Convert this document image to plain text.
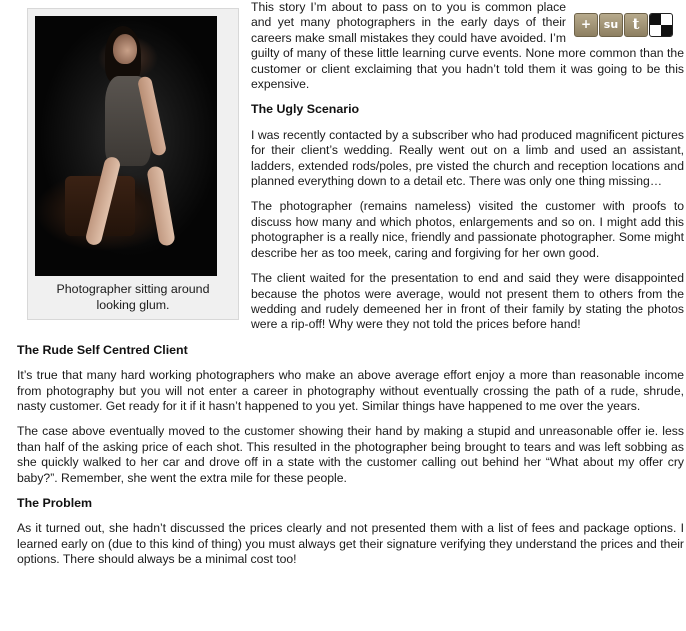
Photographer sitting around looking glum.
+ su t

This story I’m about to pass on to you is common place and yet many photographers in the early days of their careers make small mistakes they could have avoided. I’m guilty of many of these little learning curve events. None more common than the customer or client exclaiming that you hadn’t told them it was going to be this expensive.

The Ugly Scenario

I was recently contacted by a subscriber who had produced magnificent pictures for their client’s wedding. Really went out on a limb and used an assistant, ladders, extended rods/poles, pre visted the church and reception locations and planned everything down to a detail etc. There was only one thing missing…

The photographer (remains nameless) visited the customer with proofs to discuss how many and which photos, enlargements and so on. I might add this photographer is a really nice, friendly and passionate photographer. Some might describe her as too meek, caring and forgiving for her own good.

The client waited for the presentation to end and said they were disappointed because the photos were average, would not present them to others from the wedding and rudely demeened her in front of their family by stating the photos were a rip-off! Why were they not told the prices before hand!

The Rude Self Centred Client

It’s true that many hard working photographers who make an above average effort enjoy a more than reasonable income from photography but you will not enter a career in photography without eventually crossing the path of a rude, shrude, nasty customer. Get ready for it if it hasn’t happened to you yet. Similar things have happened to me over the years.

The case above eventually moved to the customer showing their hand by making a stupid and unreasonable offer ie. less than half of the asking price of each shot. This resulted in the photographer being brought to tears and was left sobbing as she quickly walked to her car and drove off in a state with the customer calling out behind her “What about my offer cry baby?”. Remember, she went the extra mile for these people.

The Problem

As it turned out, she hadn’t discussed the prices clearly and not presented them with a list of fees and package options. I learned early on (due to this kind of thing) you must always get their signature verifying they understand the prices and their options. There should always be a minimal cost too!
